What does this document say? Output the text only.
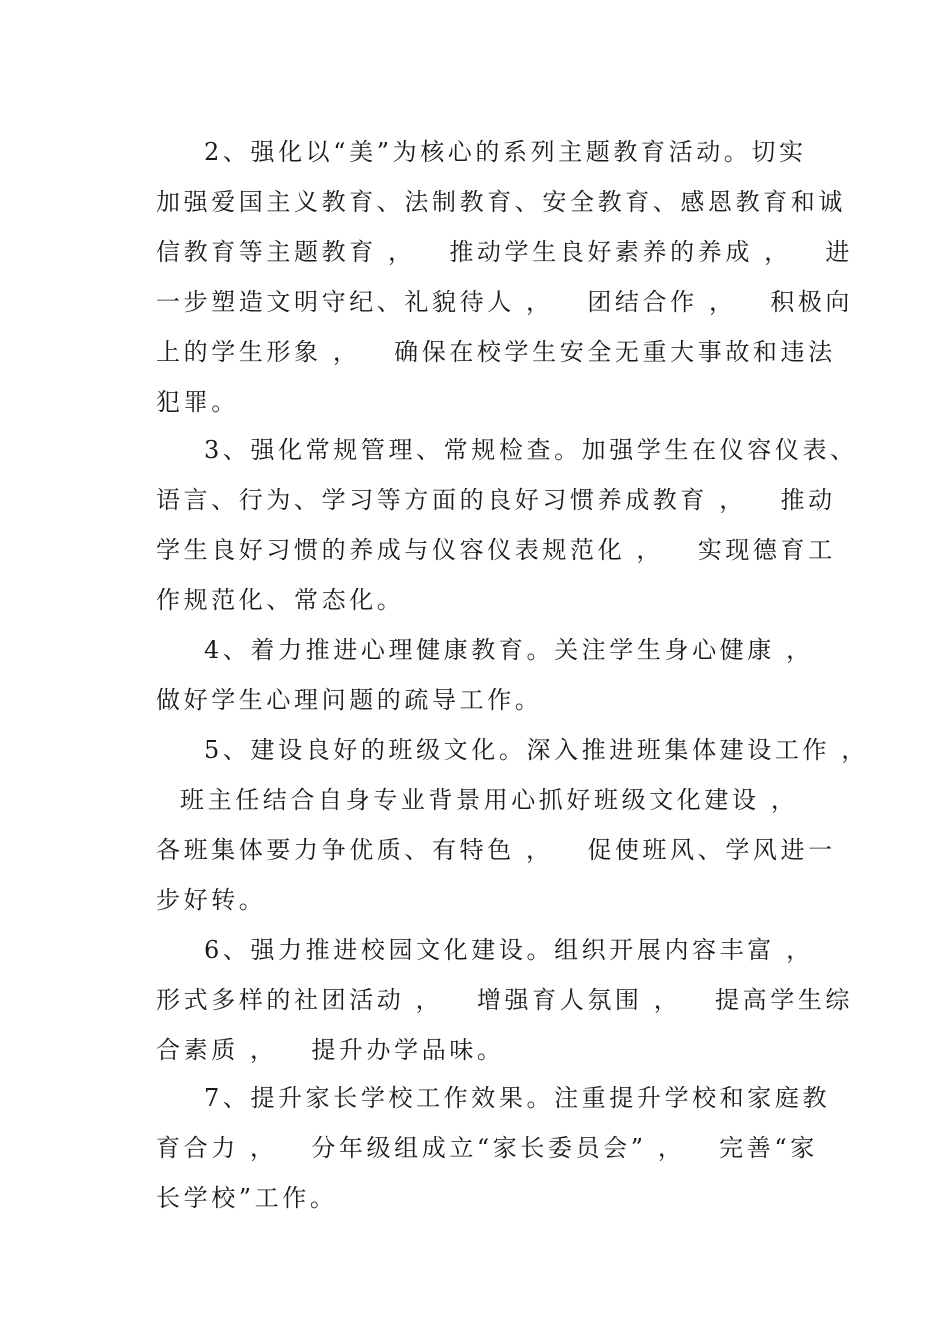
2、强化以“美”为核心的系列主题教育活动。切实
加强爱国主义教育、法制教育、安全教育、感恩教育和诚
信教育等主题教育 ，   推动学生良好素养的养成 ，   进
一步塑造文明守纪、礼貌待人 ，   团结合作 ，   积极向
上的学生形象 ，   确保在校学生安全无重大事故和违法
犯罪。
3、强化常规管理、常规检查。加强学生在仪容仪表、
语言、行为、学习等方面的良好习惯养成教育 ，   推动
学生良好习惯的养成与仪容仪表规范化 ，   实现德育工
作规范化、常态化。
4、着力推进心理健康教育。关注学生身心健康 ，
做好学生心理问题的疏导工作。
5、建设良好的班级文化。深入推进班集体建设工作 ，
班主任结合自身专业背景用心抓好班级文化建设 ，
各班集体要力争优质、有特色 ，   促使班风、学风进一
步好转。
6、强力推进校园文化建设。组织开展内容丰富 ，
形式多样的社团活动 ，   增强育人氛围 ，   提高学生综
合素质 ，   提升办学品味。
7、提升家长学校工作效果。注重提升学校和家庭教
育合力 ，   分年级组成立“家长委员会” ，   完善“家
长学校”工作。
